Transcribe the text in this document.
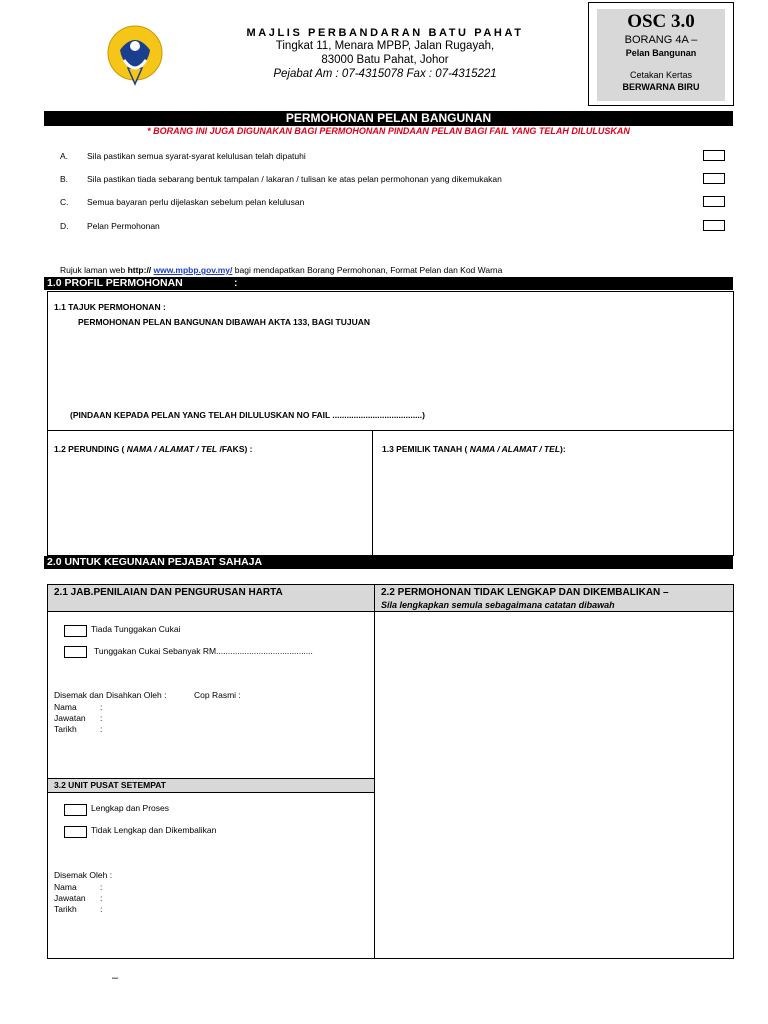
MAJLIS PERBANDARAN BATU PAHAT
Tingkat 11, Menara MPBP, Jalan Rugayah,
83000 Batu Pahat, Johor
Pejabat Am : 07-4315078 Fax : 07-4315221
OSC 3.0
BORANG 4A –
Pelan Bangunan
Cetakan Kertas
BERWARNA BIRU
PERMOHONAN PELAN BANGUNAN
* BORANG INI JUGA DIGUNAKAN BAGI PERMOHONAN PINDAAN PELAN BAGI FAIL YANG TELAH DILULUSKAN
A. Sila pastikan semua syarat-syarat kelulusan telah dipatuhi
B. Sila pastikan tiada sebarang bentuk tampalan / lakaran / tulisan ke atas pelan permohonan yang dikemukakan
C. Semua bayaran perlu dijelaskan sebelum pelan kelulusan
D. Pelan Permohonan
Rujuk laman web http:// www.mpbp.gov.my/ bagi mendapatkan Borang Permohonan, Format Pelan dan Kod Warna
1.0 PROFIL PERMOHONAN	:
1.1 TAJUK PERMOHONAN :
PERMOHONAN PELAN BANGUNAN DIBAWAH AKTA 133, BAGI TUJUAN
(PINDAAN KEPADA PELAN YANG TELAH DILULUSKAN NO FAIL ......................................)
1.2 PERUNDING ( NAMA / ALAMAT / TEL /FAKS) :	1.3 PEMILIK TANAH ( NAMA / ALAMAT / TEL):
2.0 UNTUK KEGUNAAN PEJABAT SAHAJA
2.1 JAB.PENILAIAN DAN PENGURUSAN HARTA	2.2 PERMOHONAN TIDAK LENGKAP DAN DIKEMBALIKAN –
Sila lengkapkan semula sebagaimana catatan dibawah
Tiada Tunggakan Cukai
Tunggakan Cukai Sebanyak RM.........................................
Disemak dan Disahkan Oleh :	Cop Rasmi :
Nama	:
Jawatan :
Tarikh	:
3.2 UNIT PUSAT SETEMPAT
Lengkap dan Proses
Tidak Lengkap dan Dikembalikan
Disemak Oleh :
Nama	:
Jawatan :
Tarikh	:
–
